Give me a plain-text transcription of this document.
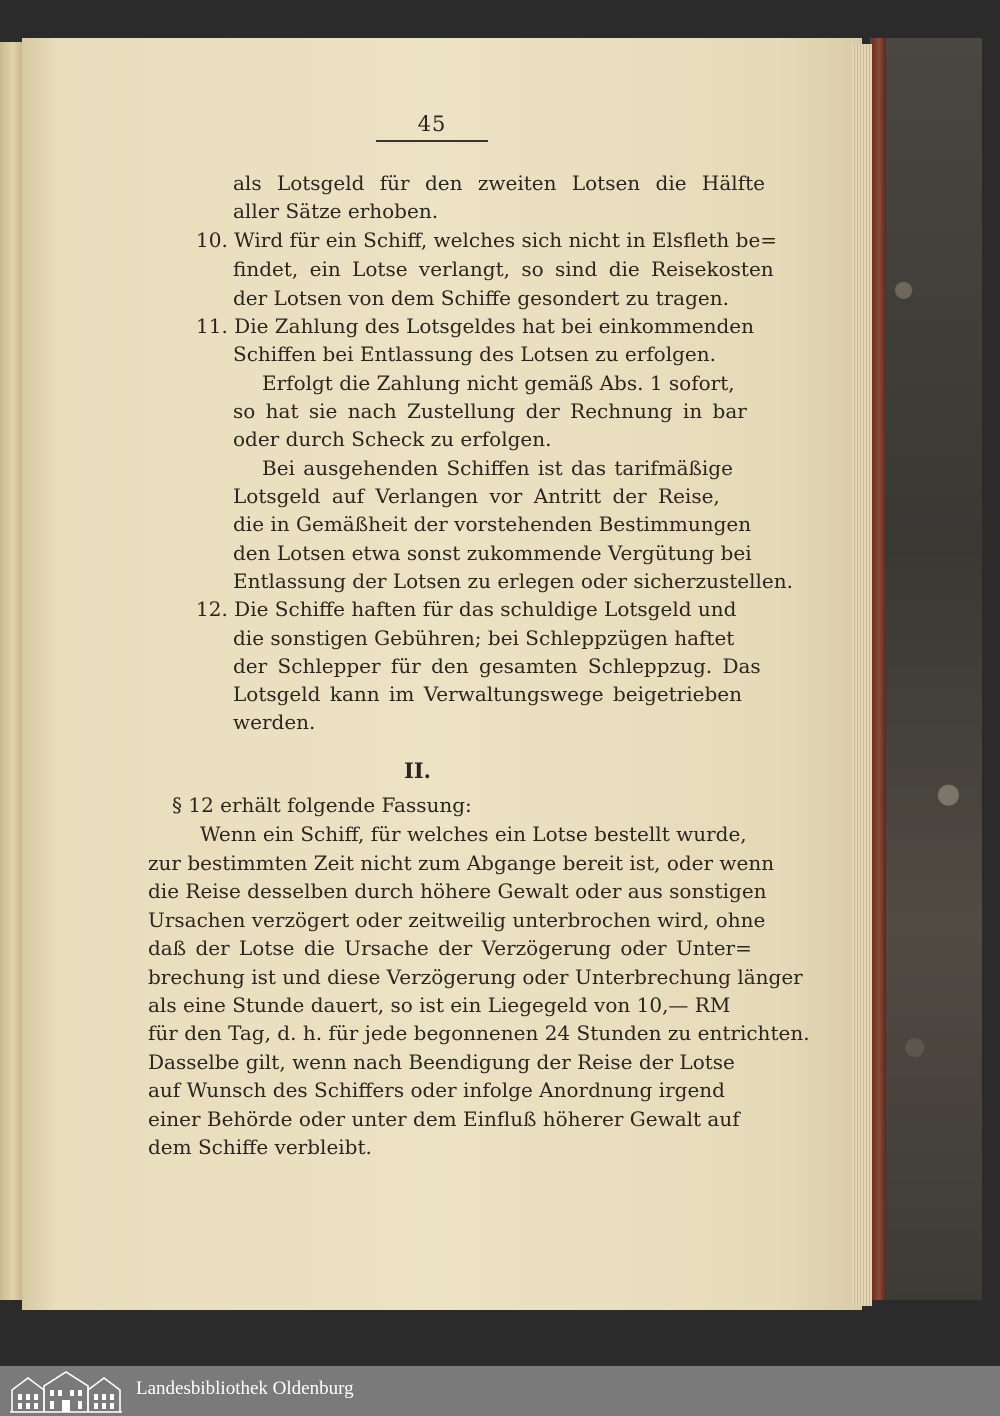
45

als Lotsgeld für den zweiten Lotsen die Hälfte

aller Sätze erhoben.

10. Wird für ein Schiff, welches sich nicht in Elsfleth be=

findet, ein Lotse verlangt, so sind die Reisekosten

der Lotsen von dem Schiffe gesondert zu tragen.

11. Die Zahlung des Lotsgeldes hat bei einkommenden

Schiffen bei Entlassung des Lotsen zu erfolgen.

Erfolgt die Zahlung nicht gemäß Abs. 1 sofort,

so hat sie nach Zustellung der Rechnung in bar

oder durch Scheck zu erfolgen.

Bei ausgehenden Schiffen ist das tarifmäßige

Lotsgeld auf Verlangen vor Antritt der Reise,

die in Gemäßheit der vorstehenden Bestimmungen

den Lotsen etwa sonst zukommende Vergütung bei

Entlassung der Lotsen zu erlegen oder sicherzustellen.

12. Die Schiffe haften für das schuldige Lotsgeld und

die sonstigen Gebühren; bei Schleppzügen haftet

der Schlepper für den gesamten Schleppzug. Das

Lotsgeld kann im Verwaltungswege beigetrieben

werden.

II.

§ 12 erhält folgende Fassung:

Wenn ein Schiff, für welches ein Lotse bestellt wurde,

zur bestimmten Zeit nicht zum Abgange bereit ist, oder wenn

die Reise desselben durch höhere Gewalt oder aus sonstigen

Ursachen verzögert oder zeitweilig unterbrochen wird, ohne

daß der Lotse die Ursache der Verzögerung oder Unter=

brechung ist und diese Verzögerung oder Unterbrechung länger

als eine Stunde dauert, so ist ein Liegegeld von 10,— RM

für den Tag, d. h. für jede begonnenen 24 Stunden zu entrichten.

Dasselbe gilt, wenn nach Beendigung der Reise der Lotse

auf Wunsch des Schiffers oder infolge Anordnung irgend

einer Behörde oder unter dem Einfluß höherer Gewalt auf

dem Schiffe verbleibt.

Landesbibliothek Oldenburg
